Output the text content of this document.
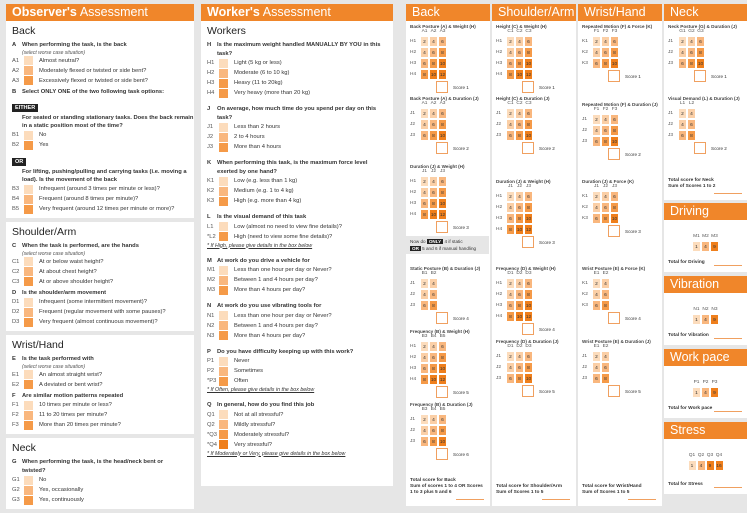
Observer's Assessment
Back
A	When performing the task, is the back
(select worse case situation)
A1	Almost neutral?
A2	Moderately flexed or twisted or side bent?
A3	Excessively flexed or twisted or side bent?
B	Select ONLY ONE of the two following task options:
EITHER
For seated or standing stationary tasks. Does the back remain in a static position most of the time?
B1	No
B2	Yes
OR
For lifting, pushing/pulling and carrying tasks (i.e. moving a load). Is the movement of the back
B3	Infrequent (around 3 times per minute or less)?
B4	Frequent (around 8 times per minute)?
B5	Very frequent (around 12 times per minute or more)?
Shoulder/Arm
C	When the task is performed, are the hands
(select worse case situation)
C1	At or below waist height?
C2	At about chest height?
C3	At or above shoulder height?
D	Is the shoulder/arm movement
D1	Infrequent (some intermittent movement)?
D2	Frequent (regular movement with some pauses)?
D3	Very frequent (almost continuous movement)?
Wrist/Hand
E	Is the task performed with
(select worse case situation)
E1	An almost straight wrist?
E2	A deviated or bent wrist?
F	Are similar motion patterns repeated
F1	10 times per minute or less?
F2	11 to 20 times per minute?
F3	More than 20 times per minute?
Neck
G When performing the task, is the head/neck bent or twisted?
G1	No
G2	Yes, occasionally
G3	Yes, continuously
Worker's Assessment
Workers
H	Is the maximum weight handled MANUALLY BY YOU in this task?
H1	Light (5 kg or less)
H2	Moderate (6 to 10 kg)
H3	Heavy (11 to 20kg)
H4	Very heavy (more than 20 kg)
J	On average, how much time do you spend per day on this task?
J1	Less than 2 hours
J2	2 to 4 hours
J3	More than 4 hours
K	When performing this task, is the maximum force level exerted by one hand?
K1	Low (e.g. less than 1 kg)
K2	Medium (e.g. 1 to 4 kg)
K3	High (e.g. more than 4 kg)
L	Is the visual demand of this task
L1	Low (almost no need to view fine details)?
*L2	High (need to view some fine details)?
* If High, please give details in the box below
M At work do you drive a vehicle for
M1	Less than one hour per day or Never?
M2	Between 1 and 4 hours per day?
M3	More than 4 hours per day?
N	At work do you use vibrating tools for
N1	Less than one hour per day or Never?
N2	Between 1 and 4 hours per day?
N3	More than 4 hours per day?
P	Do you have difficulty keeping up with this work?
P1	Never
P2	Sometimes
*P3	Often
* If Often, please give details in the box below
Q In general, how do you find this job
Q1	Not at all stressful?
Q2	Mildly stressful?
*Q3	Moderately stressful?
*Q4	Very stressful?
* If Moderately or Very, please give details in the box below
Back
Back Posture (A) & Weight (H)
A1 A2 A3
H1	2	4	6
H2	4	6	8
H3	6	8	10
H4	8	10 12
Score 1
Back Posture (A) & Duration (J)
A1 A2 A3
J1	2	4	6
J2	4	6	8
J3	6	8	10
Score 2
Duration (J) & Weight (H)
J1 J2 J3
H1	2	4	6
H2	4	6	8
H3	6	8	10
H4	8	10 12
Score 3
Static Posture (B) & Duration (J)
B1 B2
J1	2	4
J2	4	6
J3	6	8
Score 4
Frequency (B) & Weight (H)
B3 B4 B5
H1	2	4	6
H2	4	6	8
H3	6	8	10
H4	8	10 12
Score 5
Frequency (B) & Duration (J)
B3 B4 B5
J1	2	4	6
J2	4	6	8
J3	6	8	10
Score 6
Total score for Back
Sum of scores 1 to 4 OR Scores 1 to 3 plus 5 and 6
Now do ONLY 4 if static
OR 5 and 6 if manual handling
Shoulder/Arm
Height (C) & Weight (H)
C1 C2 C3
H1	2	4	6
H2	4	6	8
H3	6	8	10
H4	8	10 12
Score 1
Height (C) & Duration (J)
C1 C2 C3
J1	2	4	6
J2	4	6	8
J3	6	8	10
Score 2
Duration (J) & Weight (H)
J1 J2 J3
H1	2	4	6
H2	4	6	8
H3	6	8	10
H4	8	10 12
Score 3
Frequency (D) & Weight (H)
D1 D2 D3
H1	2	4	6
H2	4	6	8
H3	6	8	10
H4	8	10 12
Score 4
Frequency (D) & Duration (J)
D1 D2 D3
J1	2	4	6
J2	4	6	8
J3	6	8	10
Score 5
Total score for Shoulder/Arm
Sum of Scores 1 to 5
Wrist/Hand
Repeated Motion (F) & Force (K)
F1 F2 F3
K1	2	4	6
K2	4	6	8
K3	6	8	10
Score 1
Repeated Motion (F) & Duration (J)
F1 F2 F3
J1	2	4	6
J2	4	6	8
J3	6	8	10
Score 2
Duration (J) & Force (K)
J1 J2 J3
K1	2	4	6
K2	4	6	8
K3	6	8	10
Score 3
Wrist Posture (E) & Force (K)
E1 E2
K1	2	4
K2	4	6
K3	6	8
Score 4
Wrist Posture (E) & Duration (J)
E1 E2
J1	2	4
J2	4	6
J3	6	8
Score 5
Total score for Wrist/Hand
Sum of Scores 1 to 5
Neck
Neck Posture (G) & Duration (J)
G1 G2 G3
J1	2	4	6
J2	4	6	8
J3	6	8	10
Score 1
Visual Demand (L) & Duration (J)
L1 L2
J1	2	4
J2	4	6
J3	6	8
Score 2
Total score for Neck
Sum of Scores 1 to 2
Driving
M1 M2 M3
1	4	9
Total for Driving
Vibration
N1 N2 N3
1	4	9
Total for Vibration
Work pace
P1 P2 P3
1	4	9
Total for Work pace
Stress
Q1 Q2 Q3 Q4
1	4	9	16
Total for Stress
